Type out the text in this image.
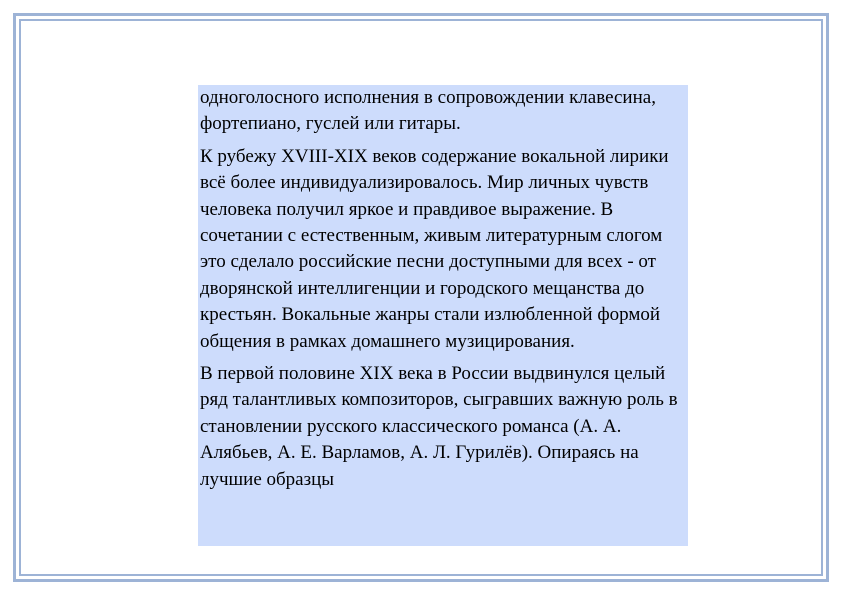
одноголосного исполнения в сопровождении клавесина, фортепиано, гуслей или гитары.

К рубежу XVIII-XIX веков содержание вокальной лирики всё более индивидуализировалось. Мир личных чувств человека получил яркое и правдивое выражение. В сочетании с естественным, живым литературным слогом это сделало российские песни доступными для всех - от дворянской интеллигенции и городского мещанства до крестьян. Вокальные жанры стали излюбленной формой общения в рамках домашнего музицирования.

В первой половине XIX века в России выдвинулся целый ряд талантливых композиторов, сыгравших важную роль в становлении русского классического романса (А. А. Алябьев, А. Е. Варламов, А. Л. Гурилёв). Опираясь на лучшие образцы
